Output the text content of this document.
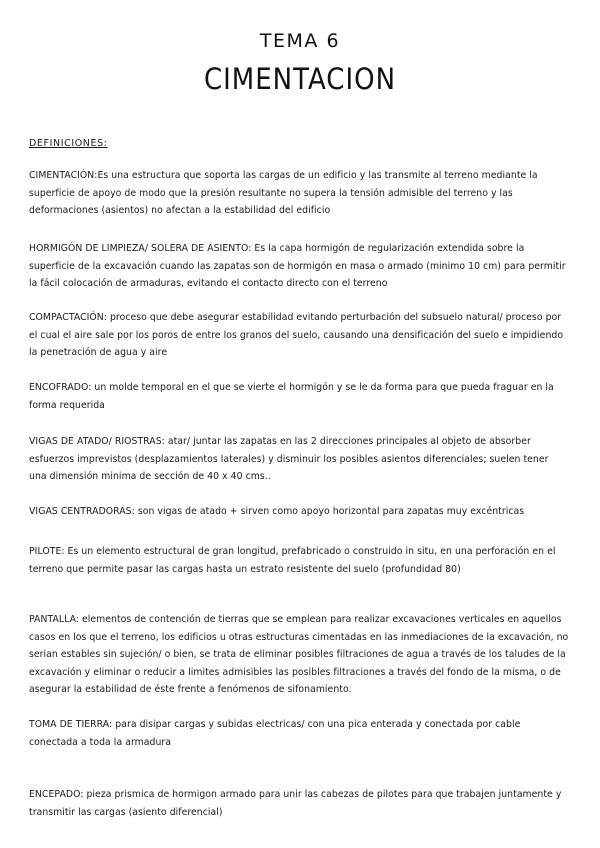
TEMA 6
CIMENTACION
DEFINICIONES:

CIMENTACIÓN:Es una estructura que soporta las cargas de un edificio y las transmite al terreno mediante la superficie de apoyo de modo que la presión resultante no supera la tensión admisible del terreno y las deformaciones (asientos) no afectan a la estabilidad del edificio

HORMIGÓN DE LIMPIEZA/ SOLERA DE ASIENTO: Es la capa hormigón de regularización extendida sobre la superficie de la excavación cuando las zapatas son de hormigón en masa o armado (minimo 10 cm) para permitir la fácil colocación de armaduras, evitando el contacto directo con el terreno

COMPACTACIÓN: proceso que debe asegurar estabilidad evitando perturbación del subsuelo natural/ proceso por el cual el aire sale por los poros de entre los granos del suelo, causando una densificación del suelo e impidiendo la penetración de agua y aire

ENCOFRADO: un molde temporal en el que se vierte el hormigón y se le da forma para que pueda fraguar en la forma requerida

VIGAS DE ATADO/ RIOSTRAS: atar/ juntar las zapatas en las 2 direcciones principales al objeto de absorber esfuerzos imprevistos (desplazamientos laterales) y disminuir los posibles asientos diferenciales; suelen tener una dimensión minima de sección de 40 x 40 cms..

VIGAS CENTRADORAS: son vigas de atado + sirven como apoyo horizontal para zapatas muy excéntricas

PILOTE: Es un elemento estructural de gran longitud, prefabricado o construido in situ, en una perforación en el terreno que permite pasar las cargas hasta un estrato resistente del suelo (profundidad 80)

PANTALLA: elementos de contención de tierras que se emplean para realizar excavaciones verticales en aquellos casos en los que el terreno, los edificios u otras estructuras cimentadas en las inmediaciones de la excavación, no serian estables sin sujeción/ o bien, se trata de eliminar posibles filtraciones de agua a través de los taludes de la excavación y eliminar o reducir a limites admisibles las posibles filtraciones a través del fondo de la misma, o de asegurar la estabilidad de éste frente a fenómenos de sifonamiento.

TOMA DE TIERRA: para disipar cargas y subidas electricas/ con una pica enterada y conectada por cable conectada a toda la armadura

ENCEPADO: pieza prismica de hormigon armado para unir las cabezas de pilotes para que trabajen juntamente y transmitir las cargas (asiento diferencial)
